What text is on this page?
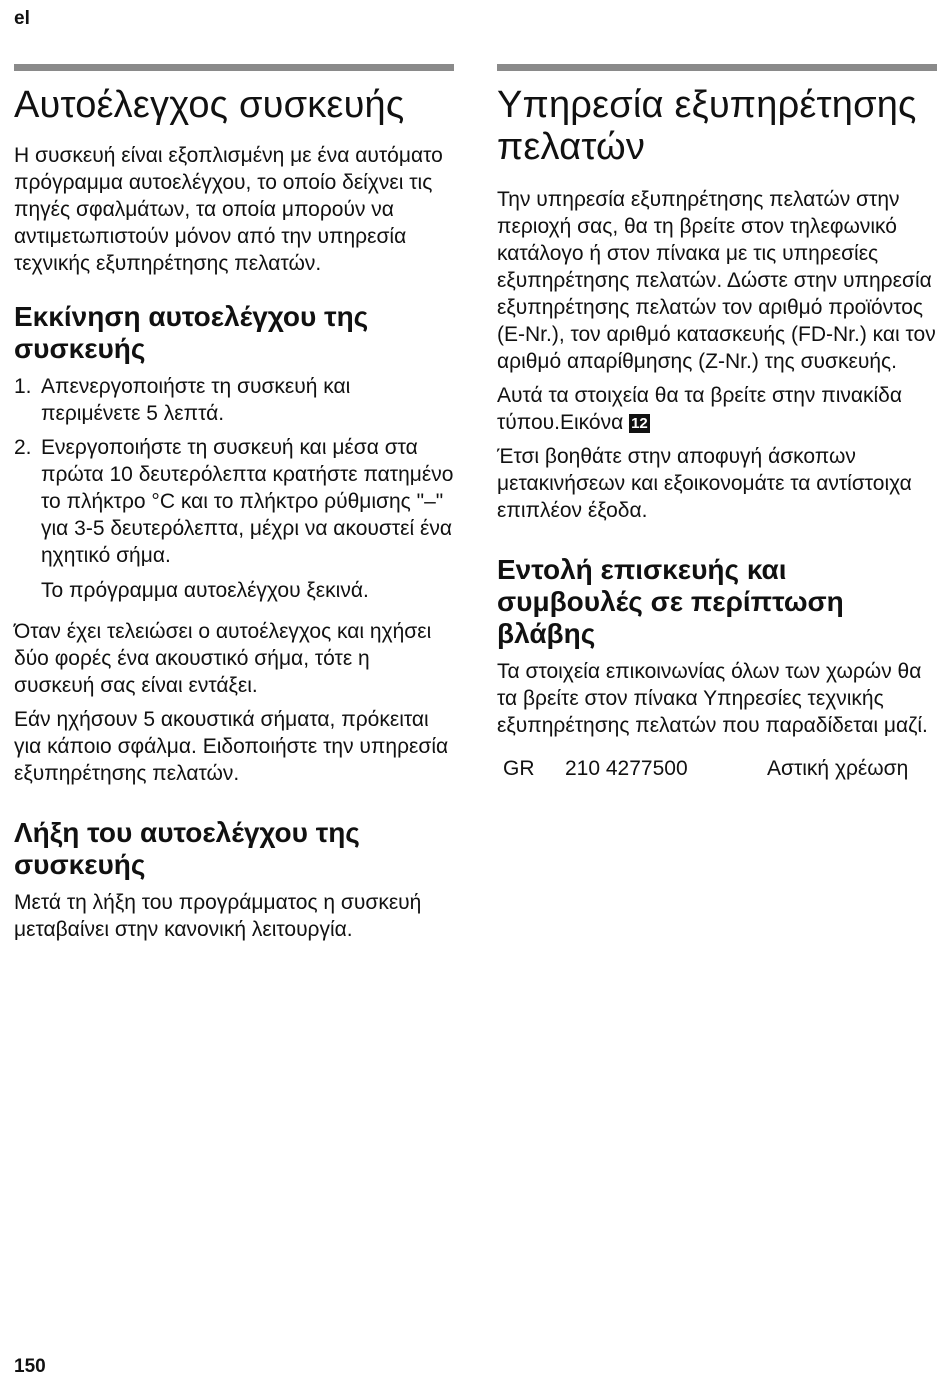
el
Αυτοέλεγχος συσκευής

Η συσκευή είναι εξοπλισμένη με ένα αυτόματο πρόγραμμα αυτοελέγχου, το οποίο δείχνει τις πηγές σφαλμάτων, τα οποία μπορούν να αντιμετωπιστούν μόνον από την υπηρεσία τεχνικής εξυπηρέτησης πελατών.

Εκκίνηση αυτοελέγχου της συσκευής
1. Απενεργοποιήστε τη συσκευή και περιμένετε 5 λεπτά.
2. Ενεργοποιήστε τη συσκευή και μέσα στα πρώτα 10 δευτερόλεπτα κρατήστε πατημένο το πλήκτρο °C και το πλήκτρο ρύθμισης "–" για 3-5 δευτερόλεπτα, μέχρι να ακουστεί ένα ηχητικό σήμα.

Το πρόγραμμα αυτοελέγχου ξεκινά.

Όταν έχει τελειώσει ο αυτοέλεγχος και ηχήσει δύο φορές ένα ακουστικό σήμα, τότε η συσκευή σας είναι εντάξει.

Εάν ηχήσουν 5 ακουστικά σήματα, πρόκειται για κάποιο σφάλμα. Ειδοποιήστε την υπηρεσία εξυπηρέτησης πελατών.

Λήξη του αυτοελέγχου της συσκευής

Μετά τη λήξη του προγράμματος η συσκευή μεταβαίνει στην κανονική λειτουργία.

Υπηρεσία εξυπηρέτησης πελατών

Την υπηρεσία εξυπηρέτησης πελατών στην περιοχή σας, θα τη βρείτε στον τηλεφωνικό κατάλογο ή στον πίνακα με τις υπηρεσίες εξυπηρέτησης πελατών. Δώστε στην υπηρεσία εξυπηρέτησης πελατών τον αριθμό προϊόντος (E-Nr.), τον αριθμό κατασκευής (FD-Nr.) και τον αριθμό απαρίθμησης (Z-Nr.) της συσκευής.

Αυτά τα στοιχεία θα τα βρείτε στην πινακίδα τύπου.Εικόνα 12

Έτσι βοηθάτε στην αποφυγή άσκοπων μετακινήσεων και εξοικονομάτε τα αντίστοιχα επιπλέον έξοδα.

Εντολή επισκευής και συμβουλές σε περίπτωση βλάβης

Τα στοιχεία επικοινωνίας όλων των χωρών θα τα βρείτε στον πίνακα Υπηρεσίες τεχνικής εξυπηρέτησης πελατών που παραδίδεται μαζί.

GR	210 4277500	Αστική χρέωση
150
